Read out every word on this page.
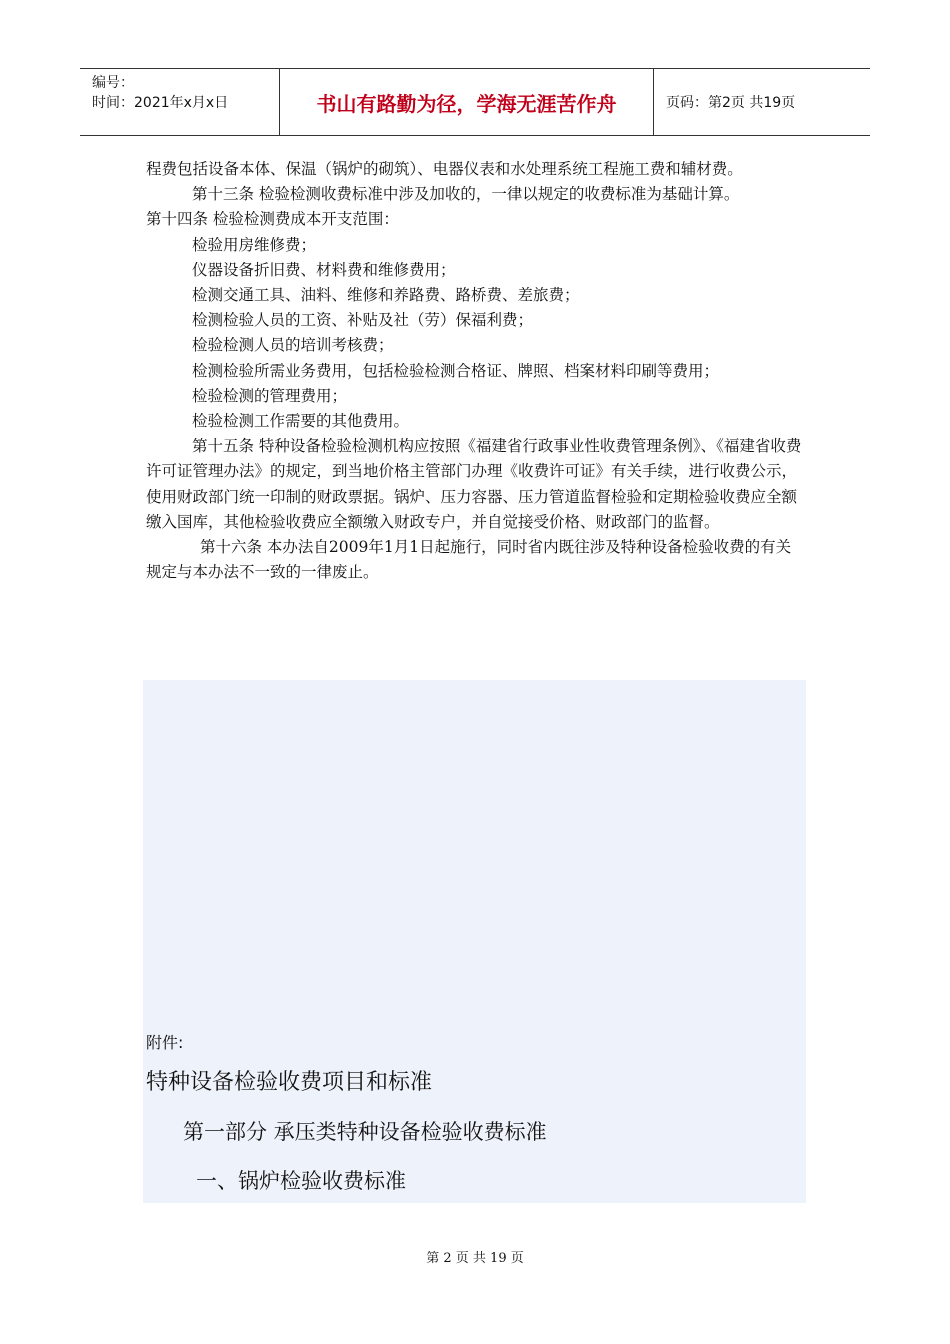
编号：
时间：2021年x月x日	书山有路勤为径，学海无涯苦作舟	页码：第2页 共19页

程费包括设备本体、保温（锅炉的砌筑）、电器仪表和水处理系统工程施工费和辅材费。

第十三条 检验检测收费标准中涉及加收的，一律以规定的收费标准为基础计算。

第十四条 检验检测费成本开支范围：

检验用房维修费；

仪器设备折旧费、材料费和维修费用；

检测交通工具、油料、维修和养路费、路桥费、差旅费；

检测检验人员的工资、补贴及社（劳）保福利费；

检验检测人员的培训考核费；

检测检验所需业务费用，包括检验检测合格证、牌照、档案材料印刷等费用；

检验检测的管理费用；

检验检测工作需要的其他费用。

第十五条 特种设备检验检测机构应按照《福建省行政事业性收费管理条例》、《福建省收费许可证管理办法》的规定，到当地价格主管部门办理《收费许可证》有关手续，进行收费公示，使用财政部门统一印制的财政票据。锅炉、压力容器、压力管道监督检验和定期检验收费应全额缴入国库，其他检验收费应全额缴入财政专户，并自觉接受价格、财政部门的监督。

第十六条 本办法自2009年1月1日起施行，同时省内既往涉及特种设备检验收费的有关规定与本办法不一致的一律废止。

附件:
特种设备检验收费项目和标准
第一部分 承压类特种设备检验收费标准
一、锅炉检验收费标准
第 2 页 共 19 页
